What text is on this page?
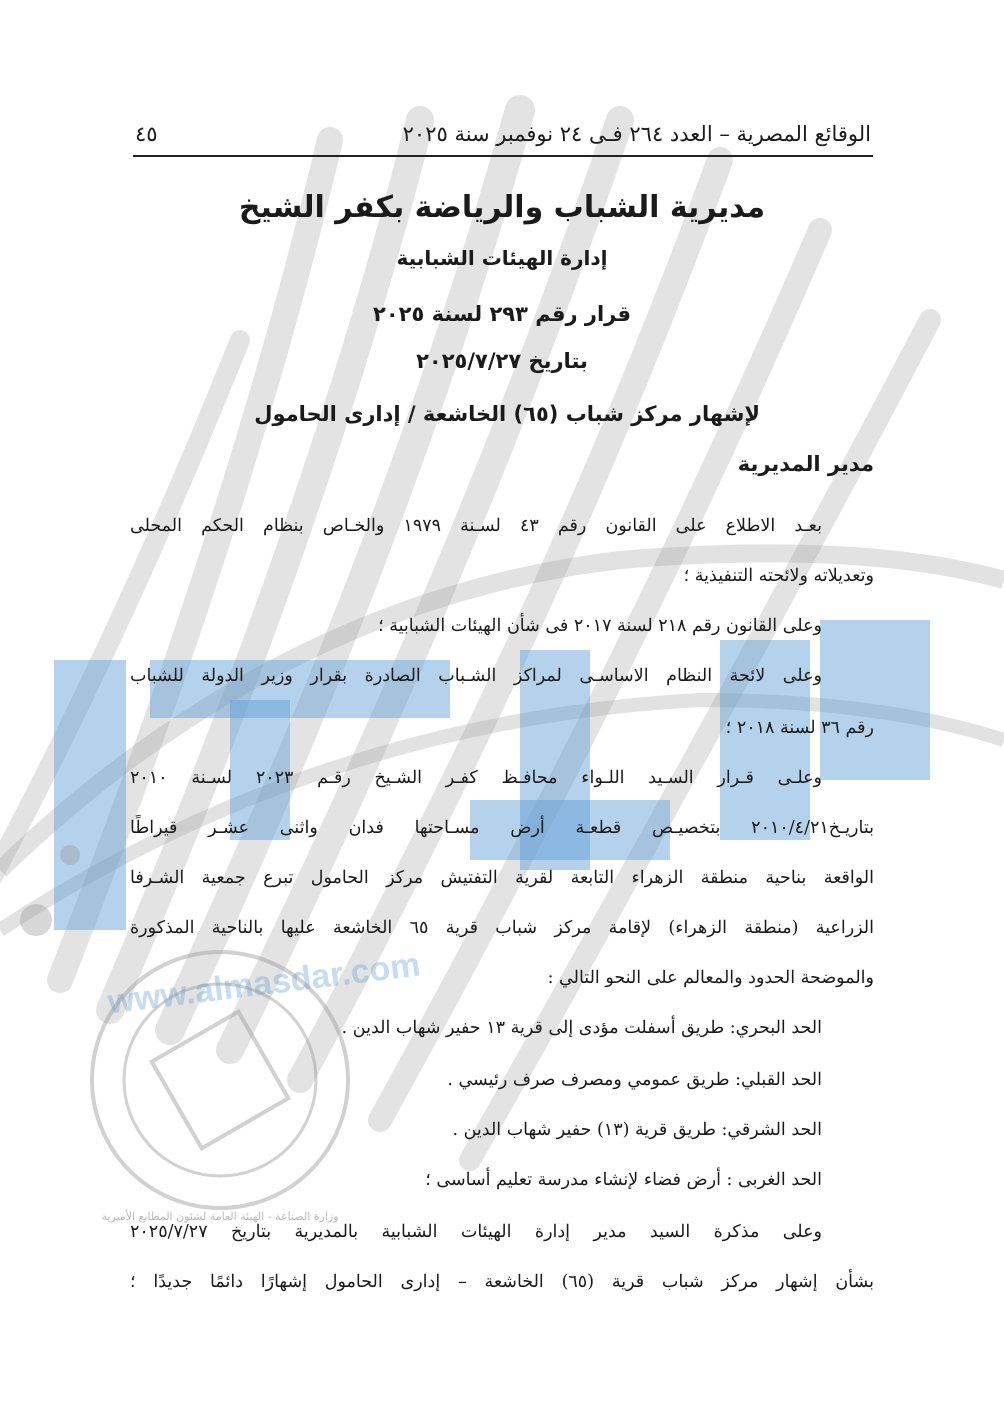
www.almasdar.com
وزارة الصناعة - الهيئة العامة لشئون المطابع الأميرية
الوقائع المصرية – العدد ٢٦٤ فـى ٢٤ نوفمبر سنة ٢٠٢٥
٤٥
مديرية الشباب والرياضة بكفر الشيخ
إدارة الهيئات الشبابية
قرار رقم ٢٩٣ لسنة ٢٠٢٥
بتاريخ ٢٠٢٥/٧/٢٧
لإشهار مركز شباب (٦٥) الخاشعة / إدارى الحامول
مدير المديرية
بعـد الاطلاع على القانون رقم ٤٣ لسـنة ١٩٧٩ والخـاص بنظام الحكم المحلى
وتعديلاته ولائحته التنفيذية ؛
وعلى القانون رقم ٢١٨ لسنة ٢٠١٧ فى شأن الهيئات الشبابية ؛
وعلى لائحة النظام الاساسـى لمراكز الشـباب الصادرة بقرار وزير الدولة للشباب
رقم ٣٦ لسنة ٢٠١٨ ؛
وعلـى قـرار السـيد اللـواء محافـظ كفـر الشـيخ رقـم ٢٠٢٣ لسـنة ٢٠١٠
بتاريـخ٢٠١٠/٤/٢١ بتخصيـص قطعـة أرض مسـاحتها فدان واثنى عشـر قيراطًا
الواقعة بناحية منطقة الزهراء التابعة لقرية التفتيش مركز الحامول تبرع جمعية الشـرفا
الزراعية (منطقة الزهراء) لإقامة مركز شباب قرية ٦٥ الخاشعة عليها بالناحية المذكورة
والموضحة الحدود والمعالم على النحو التالي :
الحد البحري: طريق أسفلت مؤدى إلى قرية ١٣ حفير شهاب الدين .
الحد القبلي: طريق عمومي ومصرف صرف رئيسي .
الحد الشرقي: طريق قرية (١٣) حفير شهاب الدين .
الحد الغربى : أرض فضاء لإنشاء مدرسة تعليم أساسى ؛
وعلى مذكرة السيد مدير إدارة الهيئات الشبابية بالمديرية بتاريخ ٢٠٢٥/٧/٢٧
بشأن إشهار مركز شباب قرية (٦٥) الخاشعة – إدارى الحامول إشهارًا دائمًا جديدًا ؛
